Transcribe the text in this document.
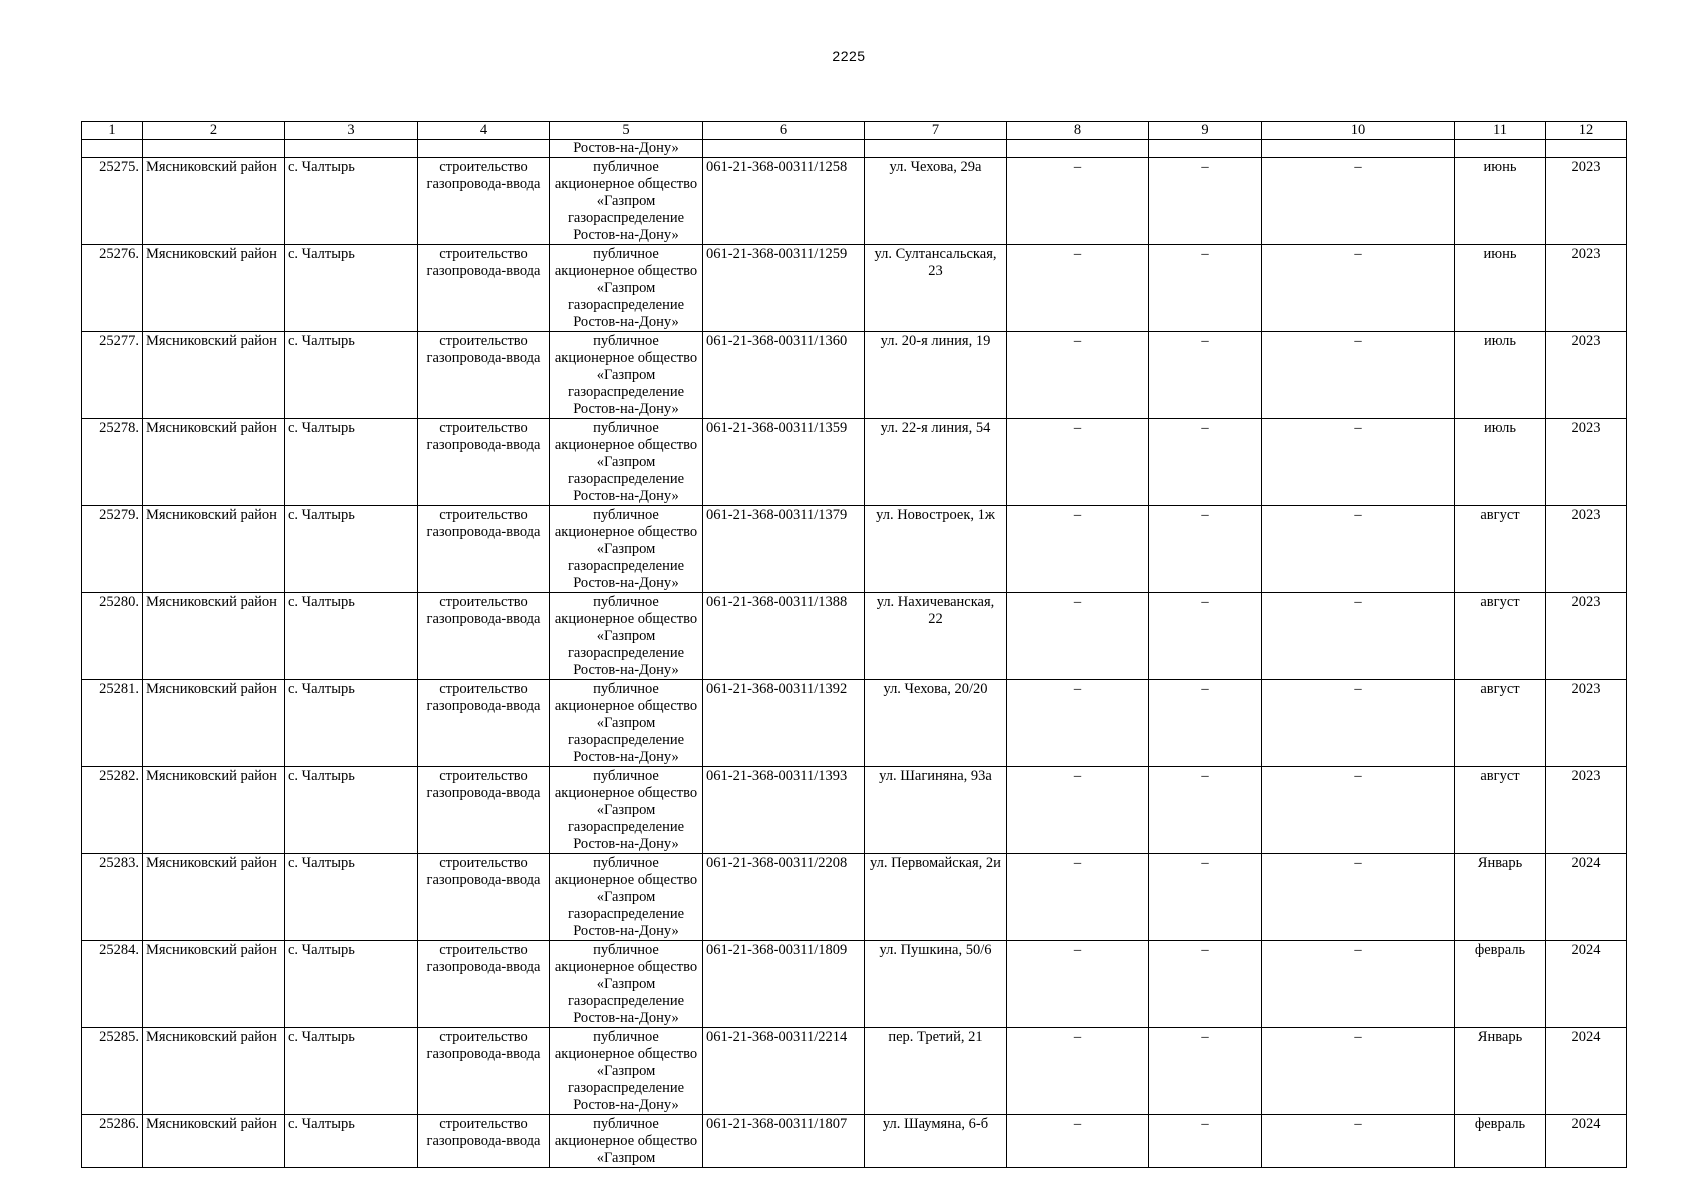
2225
1	2	3	4	5	6	7	8	9	10	11	12
				Ростов-на-Дону»							
25275.	Мясниковский район	с. Чалтырь	строительство газопровода-ввода	публичное акционерное общество «Газпром газораспределение Ростов-на-Дону»	061-21-368-00311/1258	ул. Чехова, 29а	–	–	–	июнь	2023
25276.	Мясниковский район	с. Чалтырь	строительство газопровода-ввода	публичное акционерное общество «Газпром газораспределение Ростов-на-Дону»	061-21-368-00311/1259	ул. Султансальская, 23	–	–	–	июнь	2023
25277.	Мясниковский район	с. Чалтырь	строительство газопровода-ввода	публичное акционерное общество «Газпром газораспределение Ростов-на-Дону»	061-21-368-00311/1360	ул. 20-я линия, 19	–	–	–	июль	2023
25278.	Мясниковский район	с. Чалтырь	строительство газопровода-ввода	публичное акционерное общество «Газпром газораспределение Ростов-на-Дону»	061-21-368-00311/1359	ул. 22-я линия, 54	–	–	–	июль	2023
25279.	Мясниковский район	с. Чалтырь	строительство газопровода-ввода	публичное акционерное общество «Газпром газораспределение Ростов-на-Дону»	061-21-368-00311/1379	ул. Новостроек, 1ж	–	–	–	август	2023
25280.	Мясниковский район	с. Чалтырь	строительство газопровода-ввода	публичное акционерное общество «Газпром газораспределение Ростов-на-Дону»	061-21-368-00311/1388	ул. Нахичеванская, 22	–	–	–	август	2023
25281.	Мясниковский район	с. Чалтырь	строительство газопровода-ввода	публичное акционерное общество «Газпром газораспределение Ростов-на-Дону»	061-21-368-00311/1392	ул. Чехова, 20/20	–	–	–	август	2023
25282.	Мясниковский район	с. Чалтырь	строительство газопровода-ввода	публичное акционерное общество «Газпром газораспределение Ростов-на-Дону»	061-21-368-00311/1393	ул. Шагиняна, 93а	–	–	–	август	2023
25283.	Мясниковский район	с. Чалтырь	строительство газопровода-ввода	публичное акционерное общество «Газпром газораспределение Ростов-на-Дону»	061-21-368-00311/2208	ул. Первомайская, 2и	–	–	–	Январь	2024
25284.	Мясниковский район	с. Чалтырь	строительство газопровода-ввода	публичное акционерное общество «Газпром газораспределение Ростов-на-Дону»	061-21-368-00311/1809	ул. Пушкина, 50/6	–	–	–	февраль	2024
25285.	Мясниковский район	с. Чалтырь	строительство газопровода-ввода	публичное акционерное общество «Газпром газораспределение Ростов-на-Дону»	061-21-368-00311/2214	пер. Третий, 21	–	–	–	Январь	2024
25286.	Мясниковский район	с. Чалтырь	строительство газопровода-ввода	публичное акционерное общество «Газпром	061-21-368-00311/1807	ул. Шаумяна, 6-б	–	–	–	февраль	2024
